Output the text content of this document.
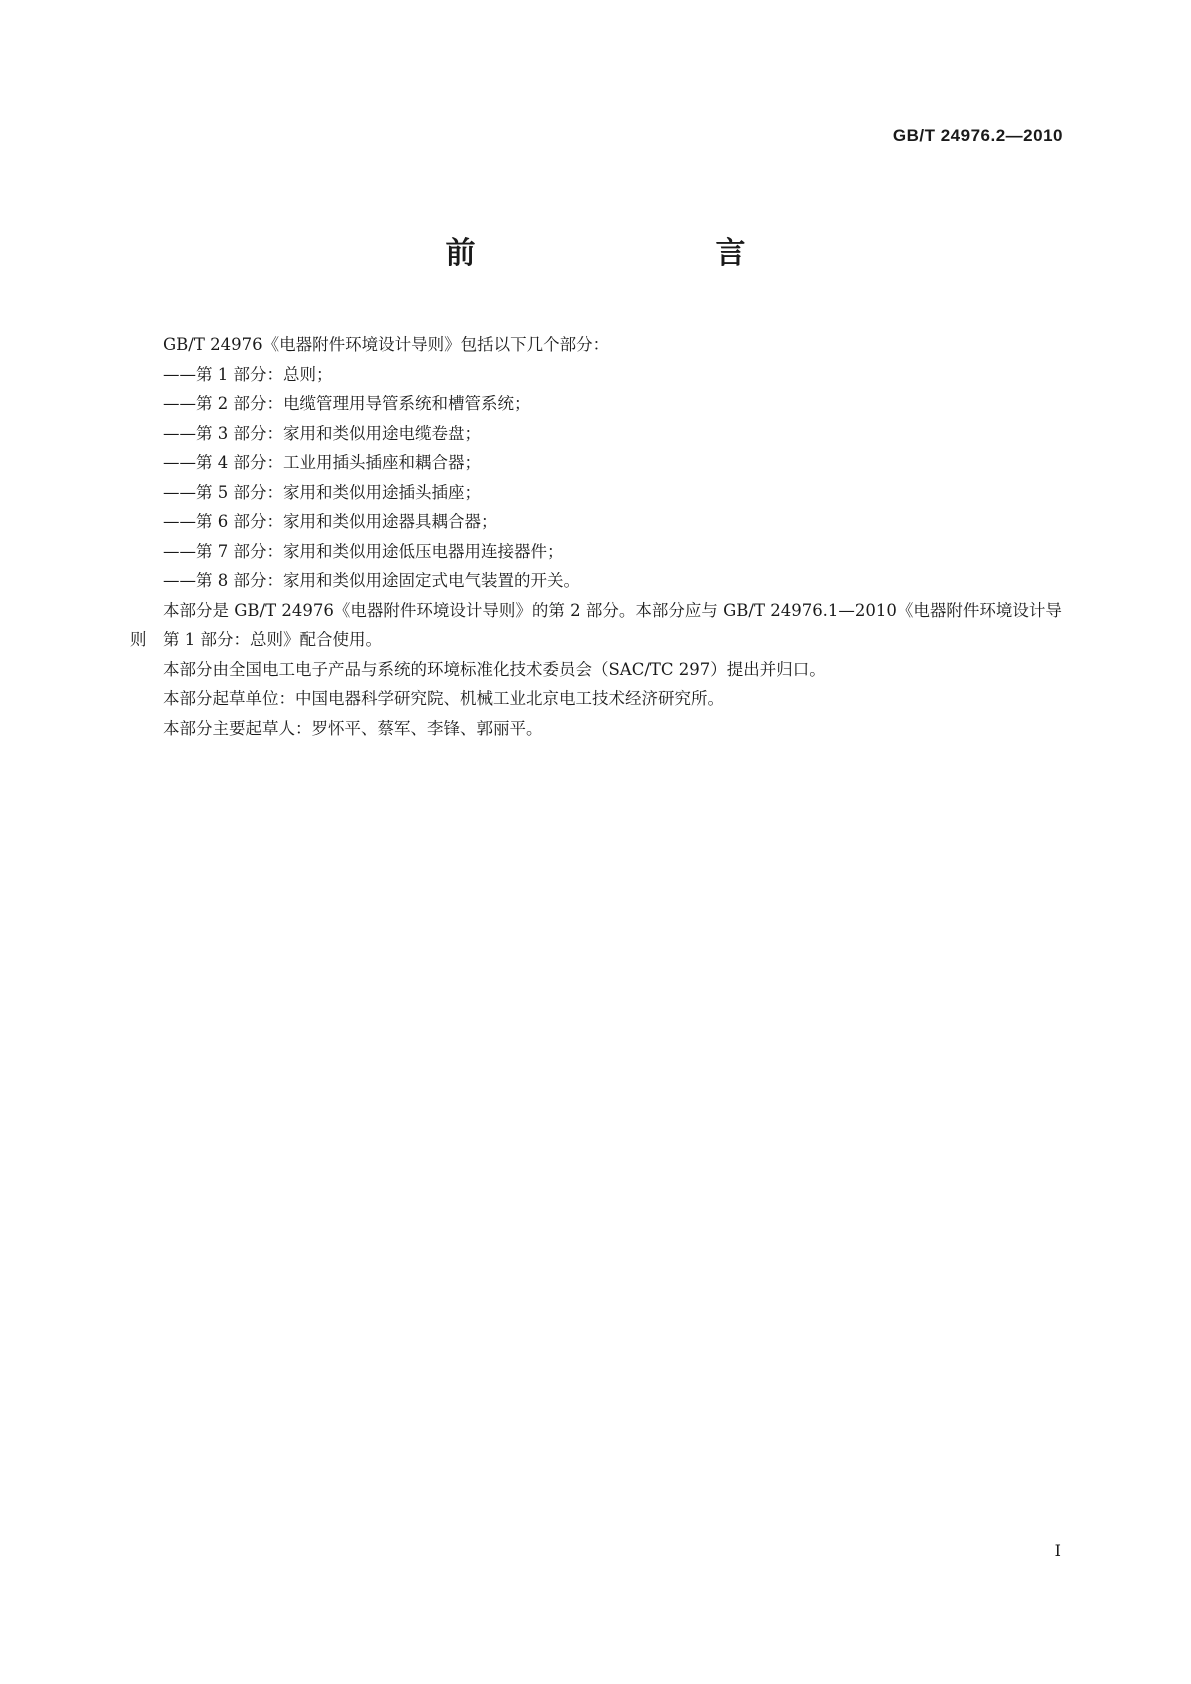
GB/T 24976.2—2010
前　　言

GB/T 24976《电器附件环境设计导则》包括以下几个部分：

——第 1 部分：总则；
——第 2 部分：电缆管理用导管系统和槽管系统；
——第 3 部分：家用和类似用途电缆卷盘；
——第 4 部分：工业用插头插座和耦合器；
——第 5 部分：家用和类似用途插头插座；
——第 6 部分：家用和类似用途器具耦合器；
——第 7 部分：家用和类似用途低压电器用连接器件；
——第 8 部分：家用和类似用途固定式电气装置的开关。

本部分是 GB/T 24976《电器附件环境设计导则》的第 2 部分。本部分应与 GB/T 24976.1—2010《电器附件环境设计导则　第 1 部分：总则》配合使用。

本部分由全国电工电子产品与系统的环境标准化技术委员会（SAC/TC 297）提出并归口。

本部分起草单位：中国电器科学研究院、机械工业北京电工技术经济研究所。

本部分主要起草人：罗怀平、蔡军、李锋、郭丽平。

I
